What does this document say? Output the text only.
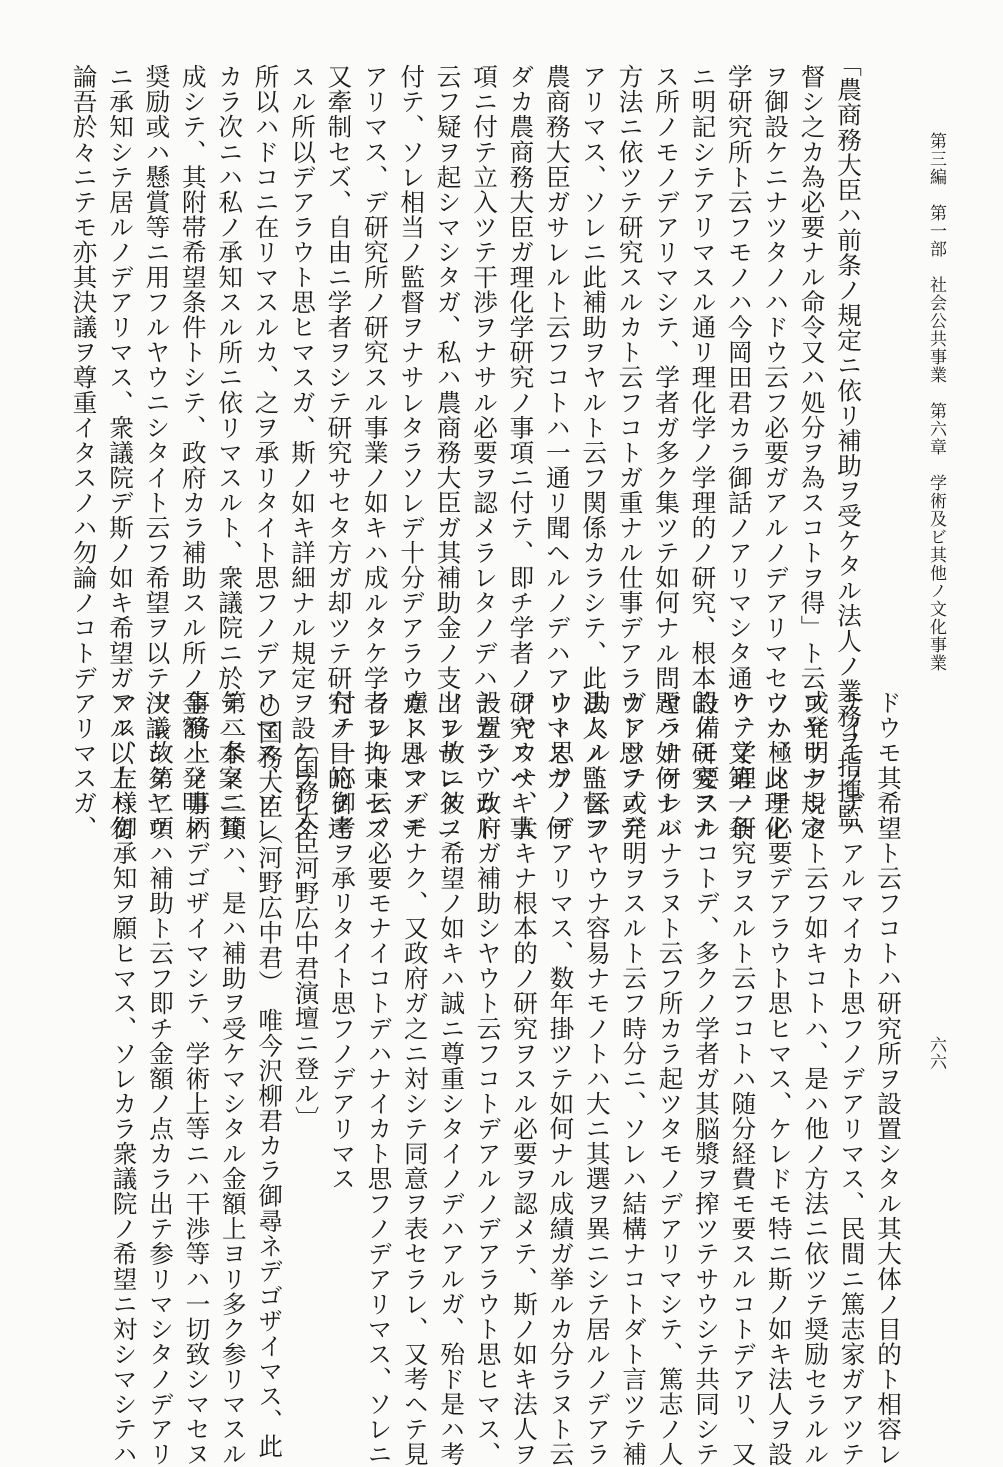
第三編
第一部
社会公共事業
第六章
学術及ビ其他ノ文化事業
六六
「農商務大臣ハ前条ノ規定ニ依リ補助ヲ受ケタル法人ノ業務ヲ指揮監
督シ之カ為必要ナル命令又ハ処分ヲ為スコトヲ得」ト云フヤウナ規定
ヲ御設ケニナツタノハドウ云フ必要ガアルノデアリマセウカ、此理化
学研究所ト云フモノハ今岡田君カラ御話ノアリマシタ通リ、又第一条
ニ明記シテアリマスル通リ理化学ノ学理的ノ研究、根本的ノ研究ヲナ
ス所ノモノデアリマシテ、学者ガ多ク集ツテ如何ナル問題ハ如何ナル
方法ニ依ツテ研究スルカト云フコトガ重ナル仕事デアラウト思フノデ
アリマス、ソレニ此補助ヲヤルト云フ関係カラシテ、此法人ノ監督ヲ
農商務大臣ガサレルト云フコトハ一通リ聞ヘルノデハアリマスガ、何
ダカ農商務大臣ガ理化学研究ノ事項ニ付テ、即チ学者ノ研究スベキ事
項ニ付テ立入ツテ干渉ヲナサル必要ヲ認メラレタノデハナカラウカト
云フ疑ヲ起シマシタガ、私ハ農商務大臣ガ其補助金ノ支出ヲサレタニ
付テ、ソレ相当ノ監督ヲナサレタラソレデ十分デアラウカト思フノデ
アリマス、デ研究所ノ研究スル事業ノ如キハ成ルタケ学者ヲ拘束セズ
又牽制セズ、自由ニ学者ヲシテ研究サセタ方ガ却ツテ研究ノ目的ヲ達
スル所以デアラウト思ヒマスガ、斯ノ如キ詳細ナル規定ヲ設ケラレタ
所以ハドコニ在リマスルカ、之ヲ承リタイト思フノデアリマス、ソレ
カラ次ニハ私ノ承知スル所ニ依リマスルト、衆議院ニ於テハ本案ニ賛
成シテ、其附帯希望条件トシテ、政府カラ補助スル所ノ金額ハ発明ノ
奨励或ハ懸賞等ニ用フルヤウニシタイト云フ希望ヲ以テ決議シタヤウ
ニ承知シテ居ルノデアリマス、衆議院デ斯ノ如キ希望ガアル以上ハ勿
論吾於々ニテモ亦其決議ヲ尊重イタスノハ勿論ノコトデアリマスガ、
ドウモ其希望ト云フコトハ研究所ヲ設置シタル其大体ノ目的ト相容レ
ナイモノデハアルマイカト思フノデアリマス、民間ニ篤志家ガアツテ
或発明ヲシタト云フ如キコトハ、是ハ他ノ方法ニ依ツテ奨励セラルル
ノハ極メテ必要デアラウト思ヒマス、ケレドモ特ニ斯ノ如キ法人ヲ設
ケテ学理ノ研究ヲスルト云フコトハ随分経費モ要スルコトデアリ、又
設備モ要スルコトデ、多クノ学者ガ其脳漿ヲ搾ツテサウシテ共同シテ
ヤラナケレバナラヌト云フ所カラ起ツタモノデアリマシテ、篤志ノ人
ガアツテ或発明ヲスルト云フ時分ニ、ソレハ結構ナコトダト言ツテ補
助スルト云フヤウナ容易ナモノトハ大ニ其選ヲ異ニシテ居ルノデアラ
ウト思フノデアリマス、数年掛ツテ如何ナル成績ガ挙ルカ分ラヌト云
フヤウナ、大キナ根本的ノ研究ヲスル必要ヲ認メテ、斯ノ如キ法人ヲ
設置シ、政府ガ補助シヤウト云フコトデアルノデアラウト思ヒマス、
ソレ故ニ彼ノ希望ノ如キハ誠ニ尊重シタイノデハアルガ、殆ド是ハ考
慮スルマデモナク、又政府ガ之ニ対シテ同意ヲ表セラレ、又考ヘテ見
ラレルト云フ必要モナイコトデハナイカト思フノデアリマス、ソレニ
付テ一応御考ヲ承リタイト思フノデアリマス
〔国務大臣河野広中君演壇ニ登ル〕
○国務大臣（河野広中君）　唯今沢柳君カラ御尋ネデゴザイマス、此
第二条ノ二項ハ、是ハ補助ヲ受ケマシタル金額上ヨリ多ク参リマスル
事務上ノ事柄デゴザイマシテ、学術上等ニハ干渉等ハ一切致シマセヌ
ソレ故第二項ハ補助ト云フ即チ金額ノ点カラ出テ参リマシタノデアリ
マス、左様御承知ヲ願ヒマス、ソレカラ衆議院ノ希望ニ対シマシテハ
